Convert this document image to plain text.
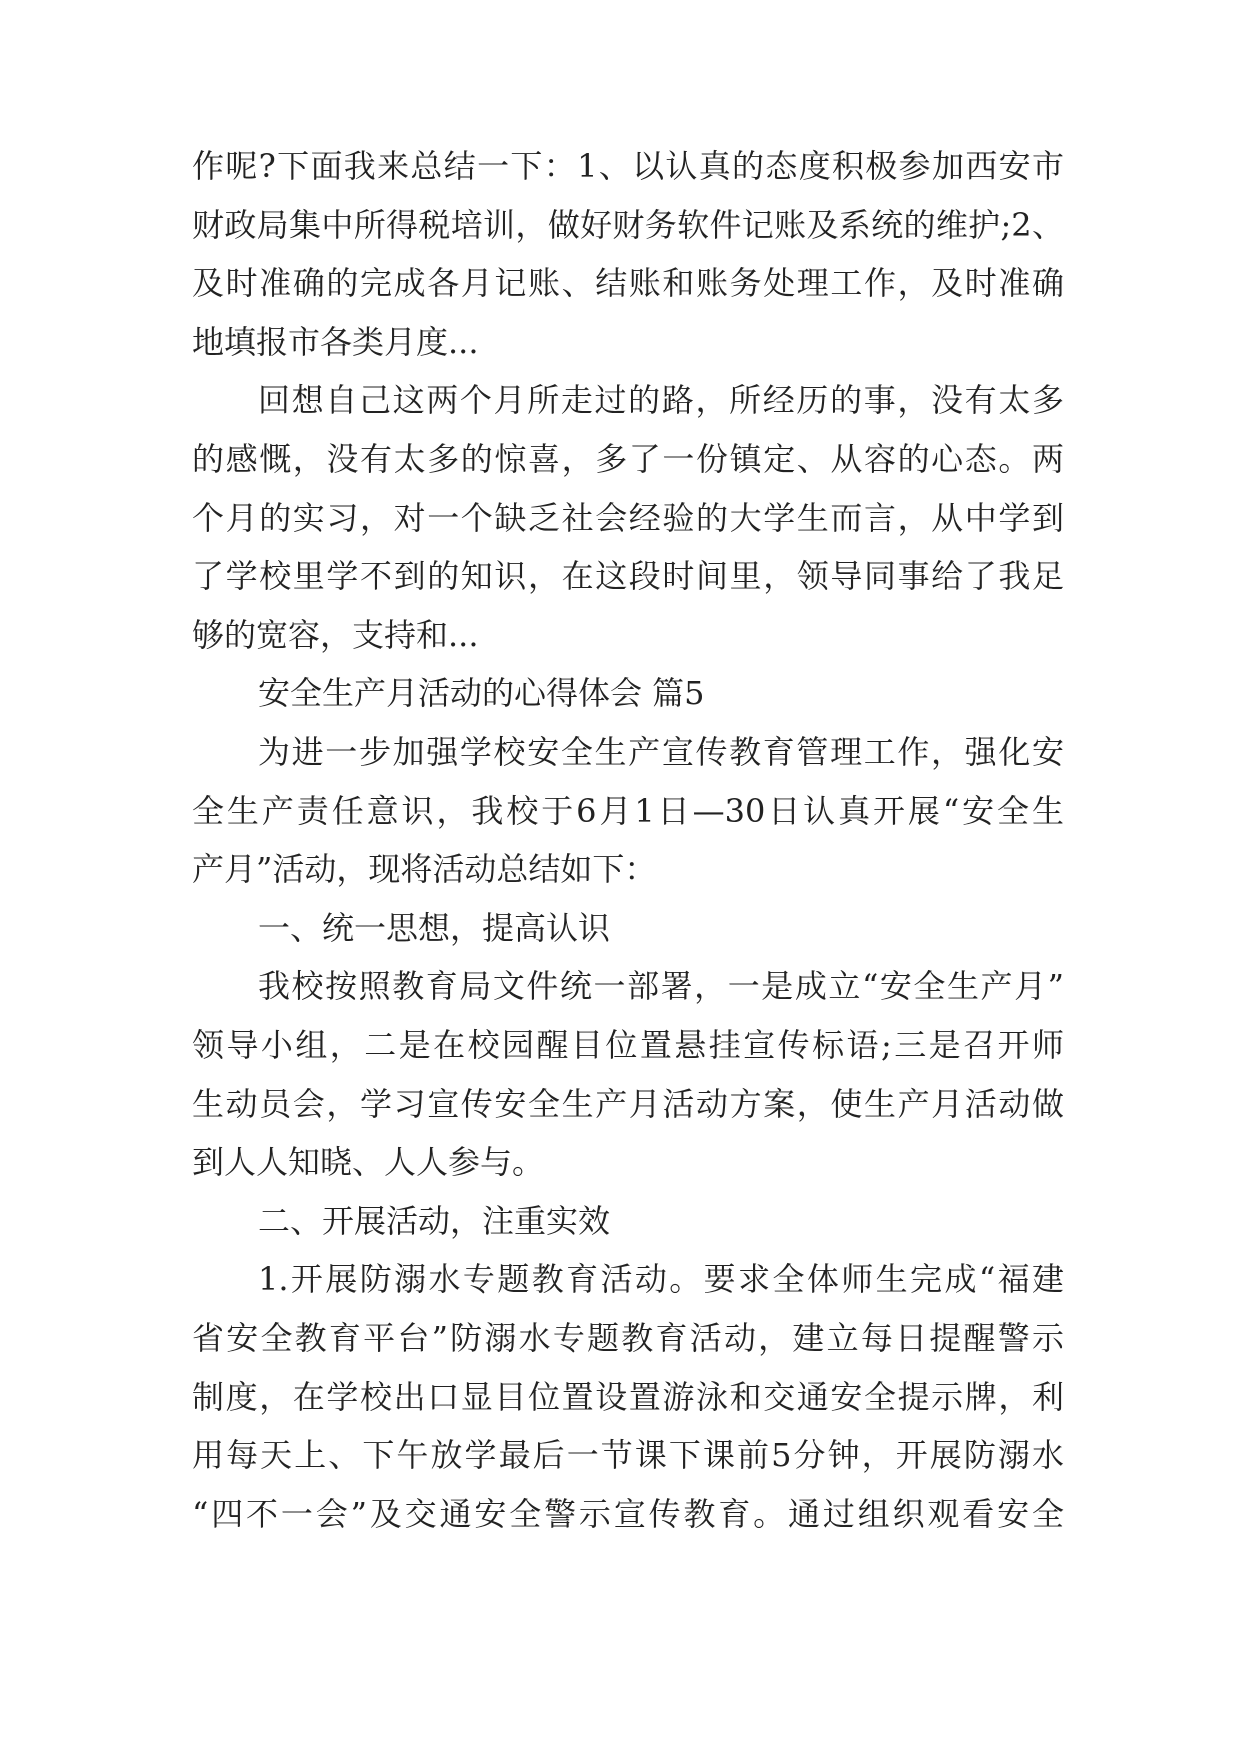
作呢?下面我来总结一下：1、以认真的态度积极参加西安市
财政局集中所得税培训，做好财务软件记账及系统的维护;2、
及时准确的完成各月记账、结账和账务处理工作，及时准确
地填报市各类月度...
回想自己这两个月所走过的路，所经历的事，没有太多
的感慨，没有太多的惊喜，多了一份镇定、从容的心态。两
个月的实习，对一个缺乏社会经验的大学生而言，从中学到
了学校里学不到的知识，在这段时间里，领导同事给了我足
够的宽容，支持和...
安全生产月活动的心得体会 篇5
为进一步加强学校安全生产宣传教育管理工作，强化安
全生产责任意识，我校于6月1日—30日认真开展“安全生
产月”活动，现将活动总结如下：
一、统一思想，提高认识
我校按照教育局文件统一部署，一是成立“安全生产月”
领导小组，二是在校园醒目位置悬挂宣传标语;三是召开师
生动员会，学习宣传安全生产月活动方案，使生产月活动做
到人人知晓、人人参与。
二、开展活动，注重实效
1.开展防溺水专题教育活动。要求全体师生完成“福建
省安全教育平台”防溺水专题教育活动，建立每日提醒警示
制度，在学校出口显目位置设置游泳和交通安全提示牌，利
用每天上、下午放学最后一节课下课前5分钟，开展防溺水
“四不一会”及交通安全警示宣传教育。通过组织观看安全
